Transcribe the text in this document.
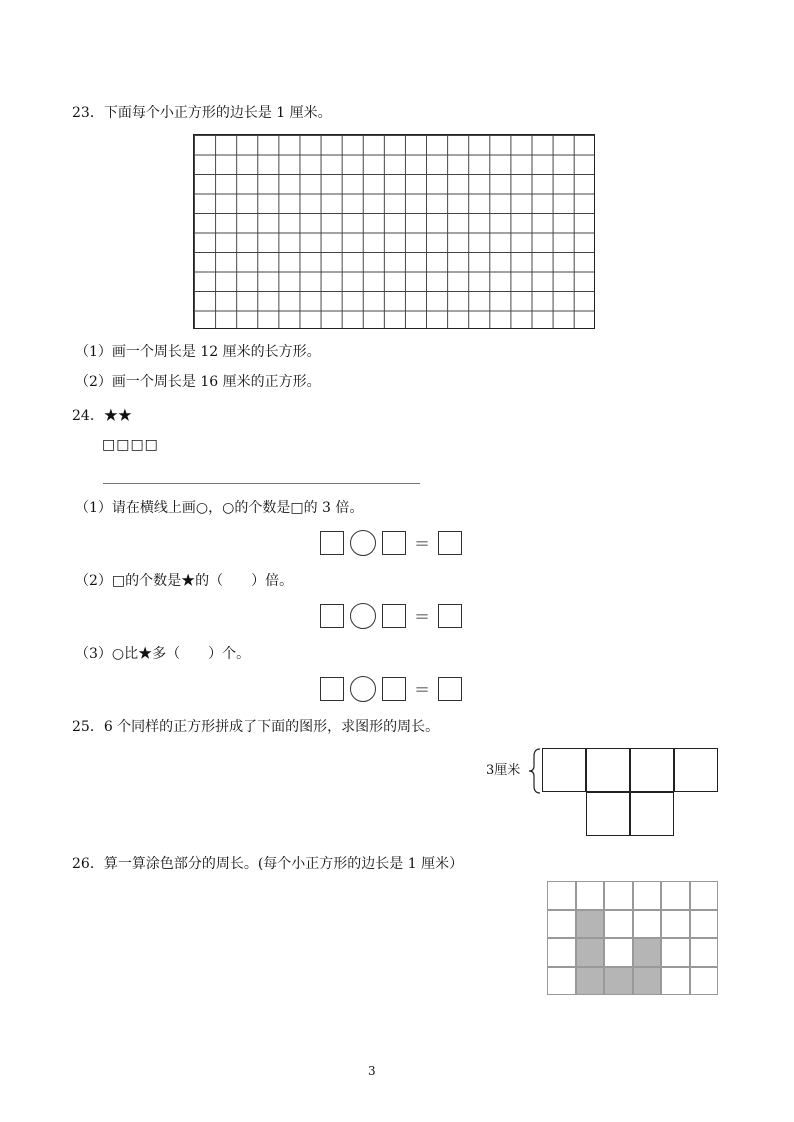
23．下面每个小正方形的边长是 1 厘米。
（1）画一个周长是 12 厘米的长方形。
（2）画一个周长是 16 厘米的正方形。
24．★★
□□□□
（1）请在横线上画○，○的个数是□的 3 倍。
=
（2）□的个数是★的（　　）倍。
=
（3）○比★多（　　）个。
=
25．6 个同样的正方形拼成了下面的图形，求图形的周长。
3厘米
26．算一算涂色部分的周长。(每个小正方形的边长是 1 厘米）
3
